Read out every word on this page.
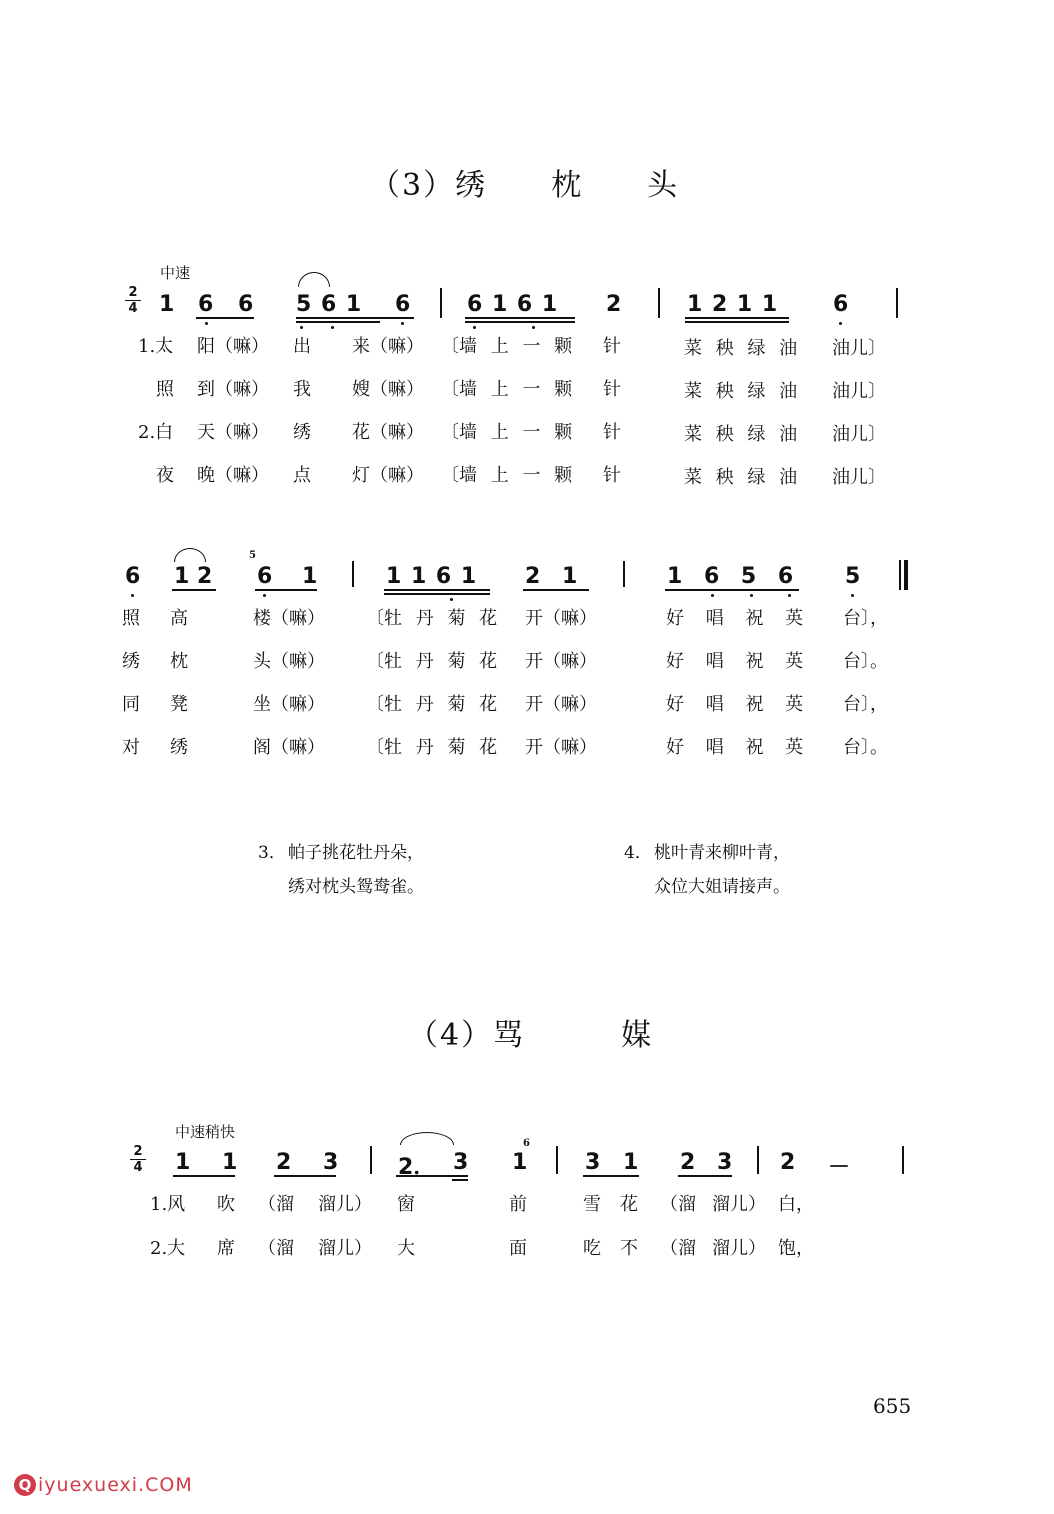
（3）绣　　枕　　头
中速
2
4 1 6 6 5 6 1 6	6 1 6 1 2	1 2 1 1	6
1.太 阳（嘛） 出 来（嘛） 〔墙 上 一 颗 针	菜 秧 绿 油 油儿〕
照 到（嘛） 我 嫂（嘛） 〔墙 上 一 颗 针	菜 秧 绿 油 油儿〕
2.白 天（嘛） 绣 花（嘛） 〔墙 上 一 颗 针	菜 秧 绿 油 油儿〕
夜 晚（嘛） 点 灯（嘛） 〔墙 上 一 颗 针	菜 秧 绿 油 油儿〕
6 1 2
5
6 1	1 1 6 1 2 1	1 6 5 6 5
照 高	楼（嘛） 〔牡 丹 菊 花 开（嘛）	好 唱 祝 英 台〕，
绣 枕	头（嘛） 〔牡 丹 菊 花 开（嘛）	好 唱 祝 英 台〕。
同 凳	坐（嘛） 〔牡 丹 菊 花 开（嘛）	好 唱 祝 英 台〕，
对 绣	阁（嘛） 〔牡 丹 菊 花 开（嘛）	好 唱 祝 英 台〕。
3． 帕子挑花牡丹朵，
绣对枕头鸳鸯雀。
4． 桃叶青来柳叶青，
众位大姐请接声。
（4）骂　　　媒
中速稍快
2
4 1 1 2 3	2． 3 1
6
3 1 2 3 2 －
1.风 吹 （溜 溜儿） 窗	前	雪 花 （溜 溜儿） 白，
2.大 席 （溜 溜儿） 大	面	吃 不 （溜 溜儿） 饱，
655
Q iyuexuexi.COM
